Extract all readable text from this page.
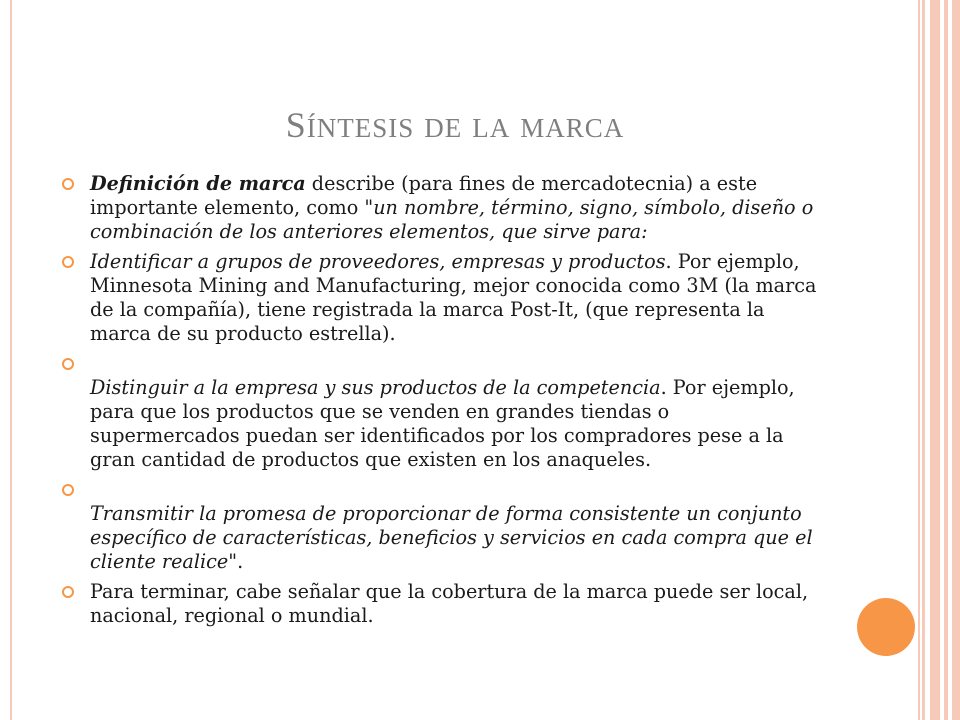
SÍNTESIS DE LA MARCA
Definición de marca describe (para fines de mercadotecnia) a este importante elemento, como "un nombre, término, signo, símbolo, diseño o combinación de los anteriores elementos, que sirve para:
Identificar a grupos de proveedores, empresas y productos. Por ejemplo, Minnesota Mining and Manufacturing, mejor conocida como 3M (la marca de la compañía), tiene registrada la marca Post-It, (que representa la marca de su producto estrella).
Distinguir a la empresa y sus productos de la competencia. Por ejemplo, para que los productos que se venden en grandes tiendas o supermercados puedan ser identificados por los compradores pese a la gran cantidad de productos que existen en los anaqueles.
Transmitir la promesa de proporcionar de forma consistente un conjunto específico de características, beneficios y servicios en cada compra que el cliente realice".
Para terminar, cabe señalar que la cobertura de la marca puede ser local, nacional, regional o mundial.
